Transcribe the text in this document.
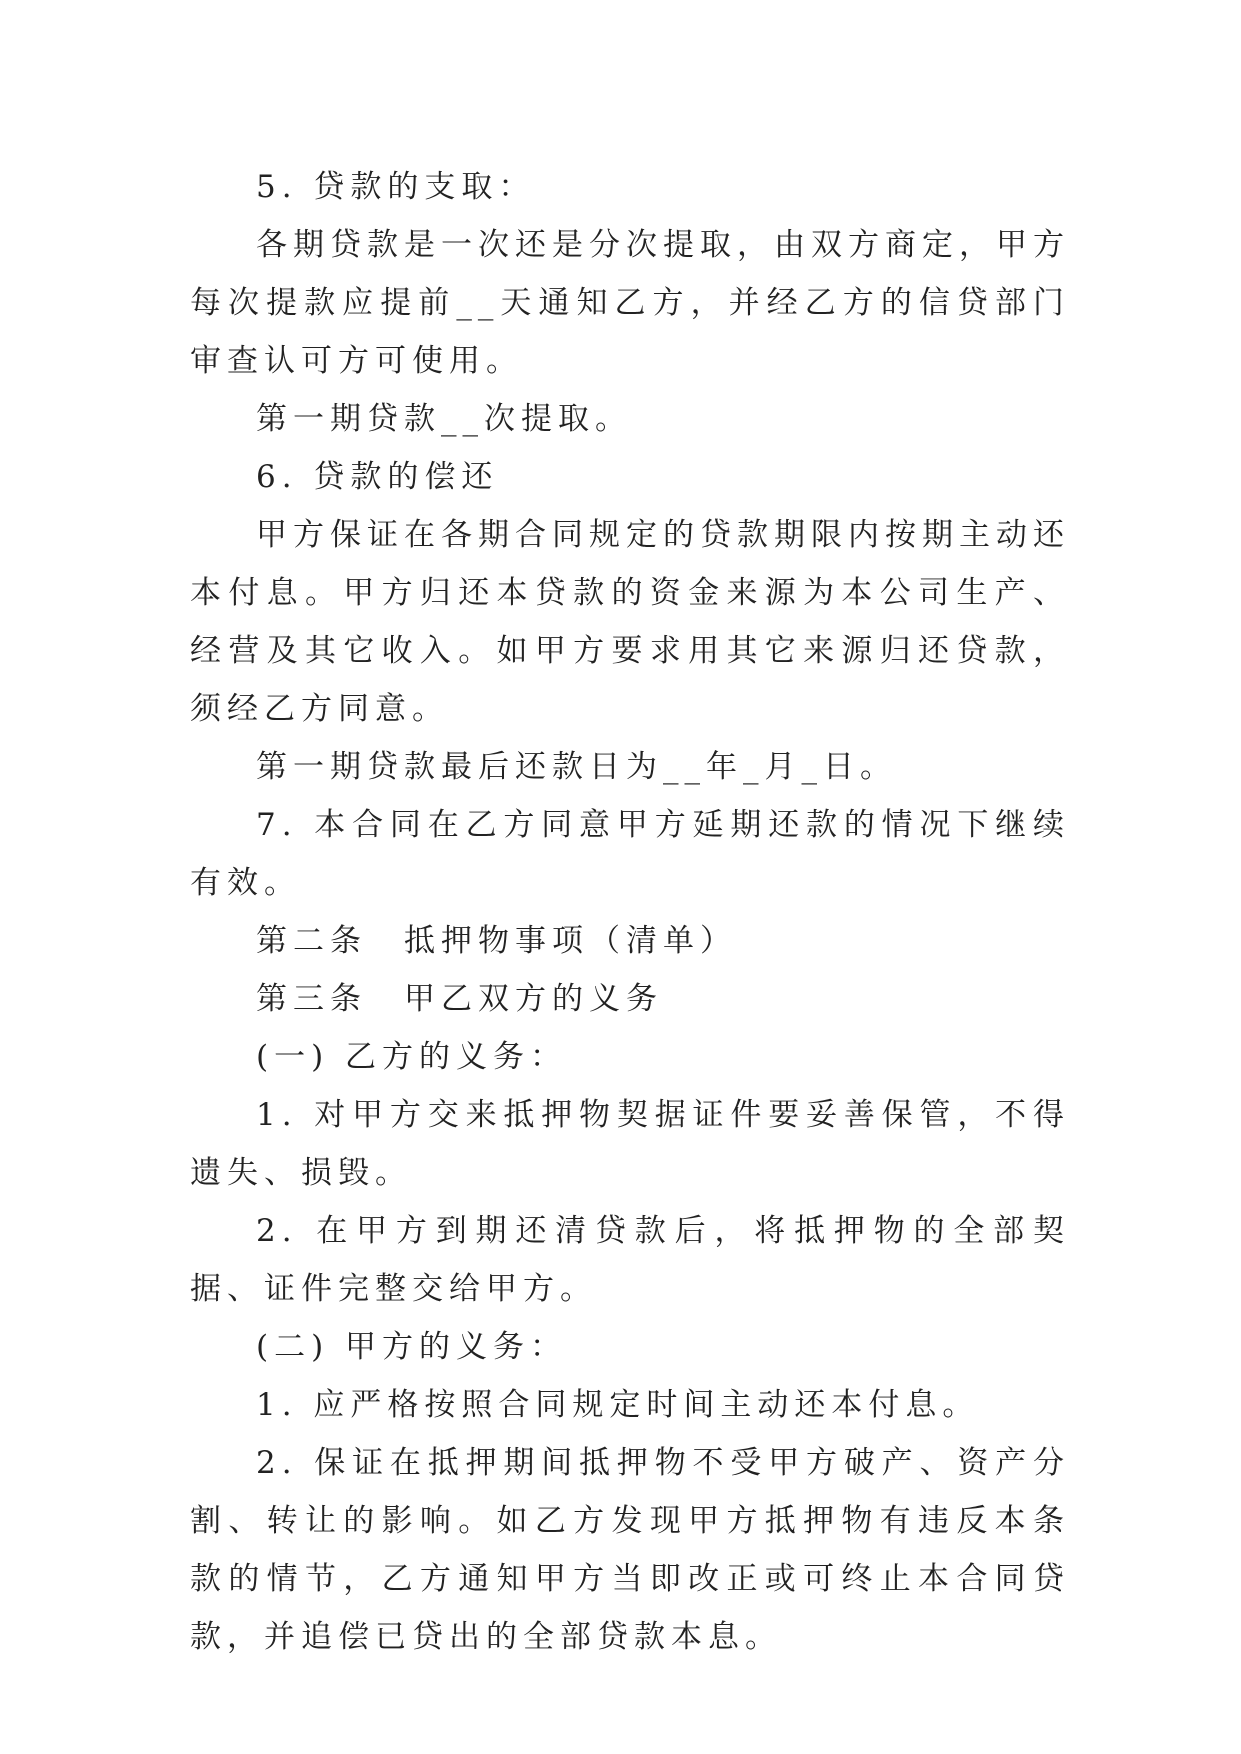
5. 贷款的支取：

各期贷款是一次还是分次提取，由双方商定，甲方每次提款应提前__天通知乙方，并经乙方的信贷部门审查认可方可使用。

第一期贷款__次提取。

6. 贷款的偿还

甲方保证在各期合同规定的贷款期限内按期主动还本付息。甲方归还本贷款的资金来源为本公司生产、经营及其它收入。如甲方要求用其它来源归还贷款，须经乙方同意。

第一期贷款最后还款日为__年_月_日。

7. 本合同在乙方同意甲方延期还款的情况下继续有效。

第二条　抵押物事项（清单）

第三条　甲乙双方的义务

(一) 乙方的义务：

1. 对甲方交来抵押物契据证件要妥善保管，不得遗失、损毁。

2. 在甲方到期还清贷款后，将抵押物的全部契据、证件完整交给甲方。

(二) 甲方的义务：

1. 应严格按照合同规定时间主动还本付息。

2. 保证在抵押期间抵押物不受甲方破产、资产分割、转让的影响。如乙方发现甲方抵押物有违反本条款的情节，乙方通知甲方当即改正或可终止本合同贷款，并追偿已贷出的全部贷款本息。
